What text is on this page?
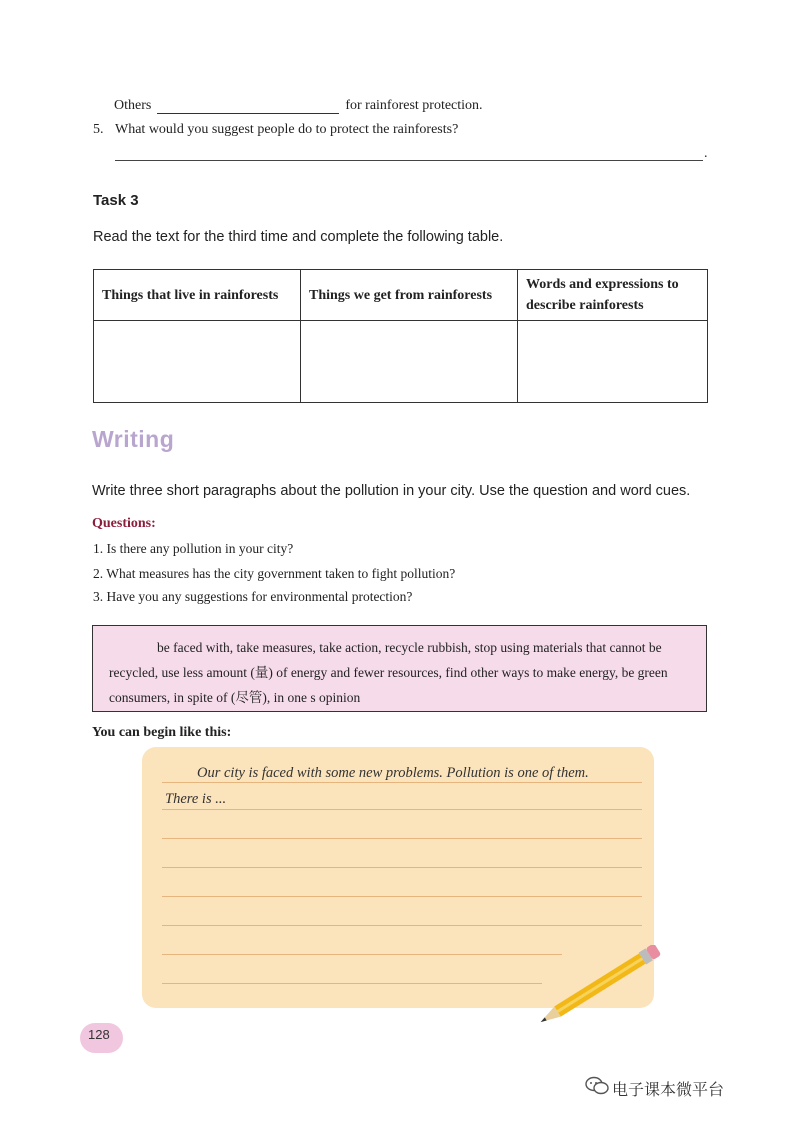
Others	for rainforest protection.
5. What would you suggest people do to protect the rainforests?
.
Task 3
Read the text for the third time and complete the following table.
Things that live in rainforests	Things we get from rainforests	Words and expressions to describe rainforests

Writing
Write three short paragraphs about the pollution in your city. Use the question and word cues.
Questions:
1. Is there any pollution in your city?
2. What measures has the city government taken to fight pollution?
3. Have you any suggestions for environmental protection?
be faced with, take measures, take action, recycle rubbish, stop using materials that cannot be recycled, use less amount (量) of energy and fewer resources, find other ways to make energy, be green consumers, in spite of (尽管), in one s opinion
You can begin like this:
Our city is faced with some new problems. Pollution is one of them.
There is ...
128
电子课本微平台
